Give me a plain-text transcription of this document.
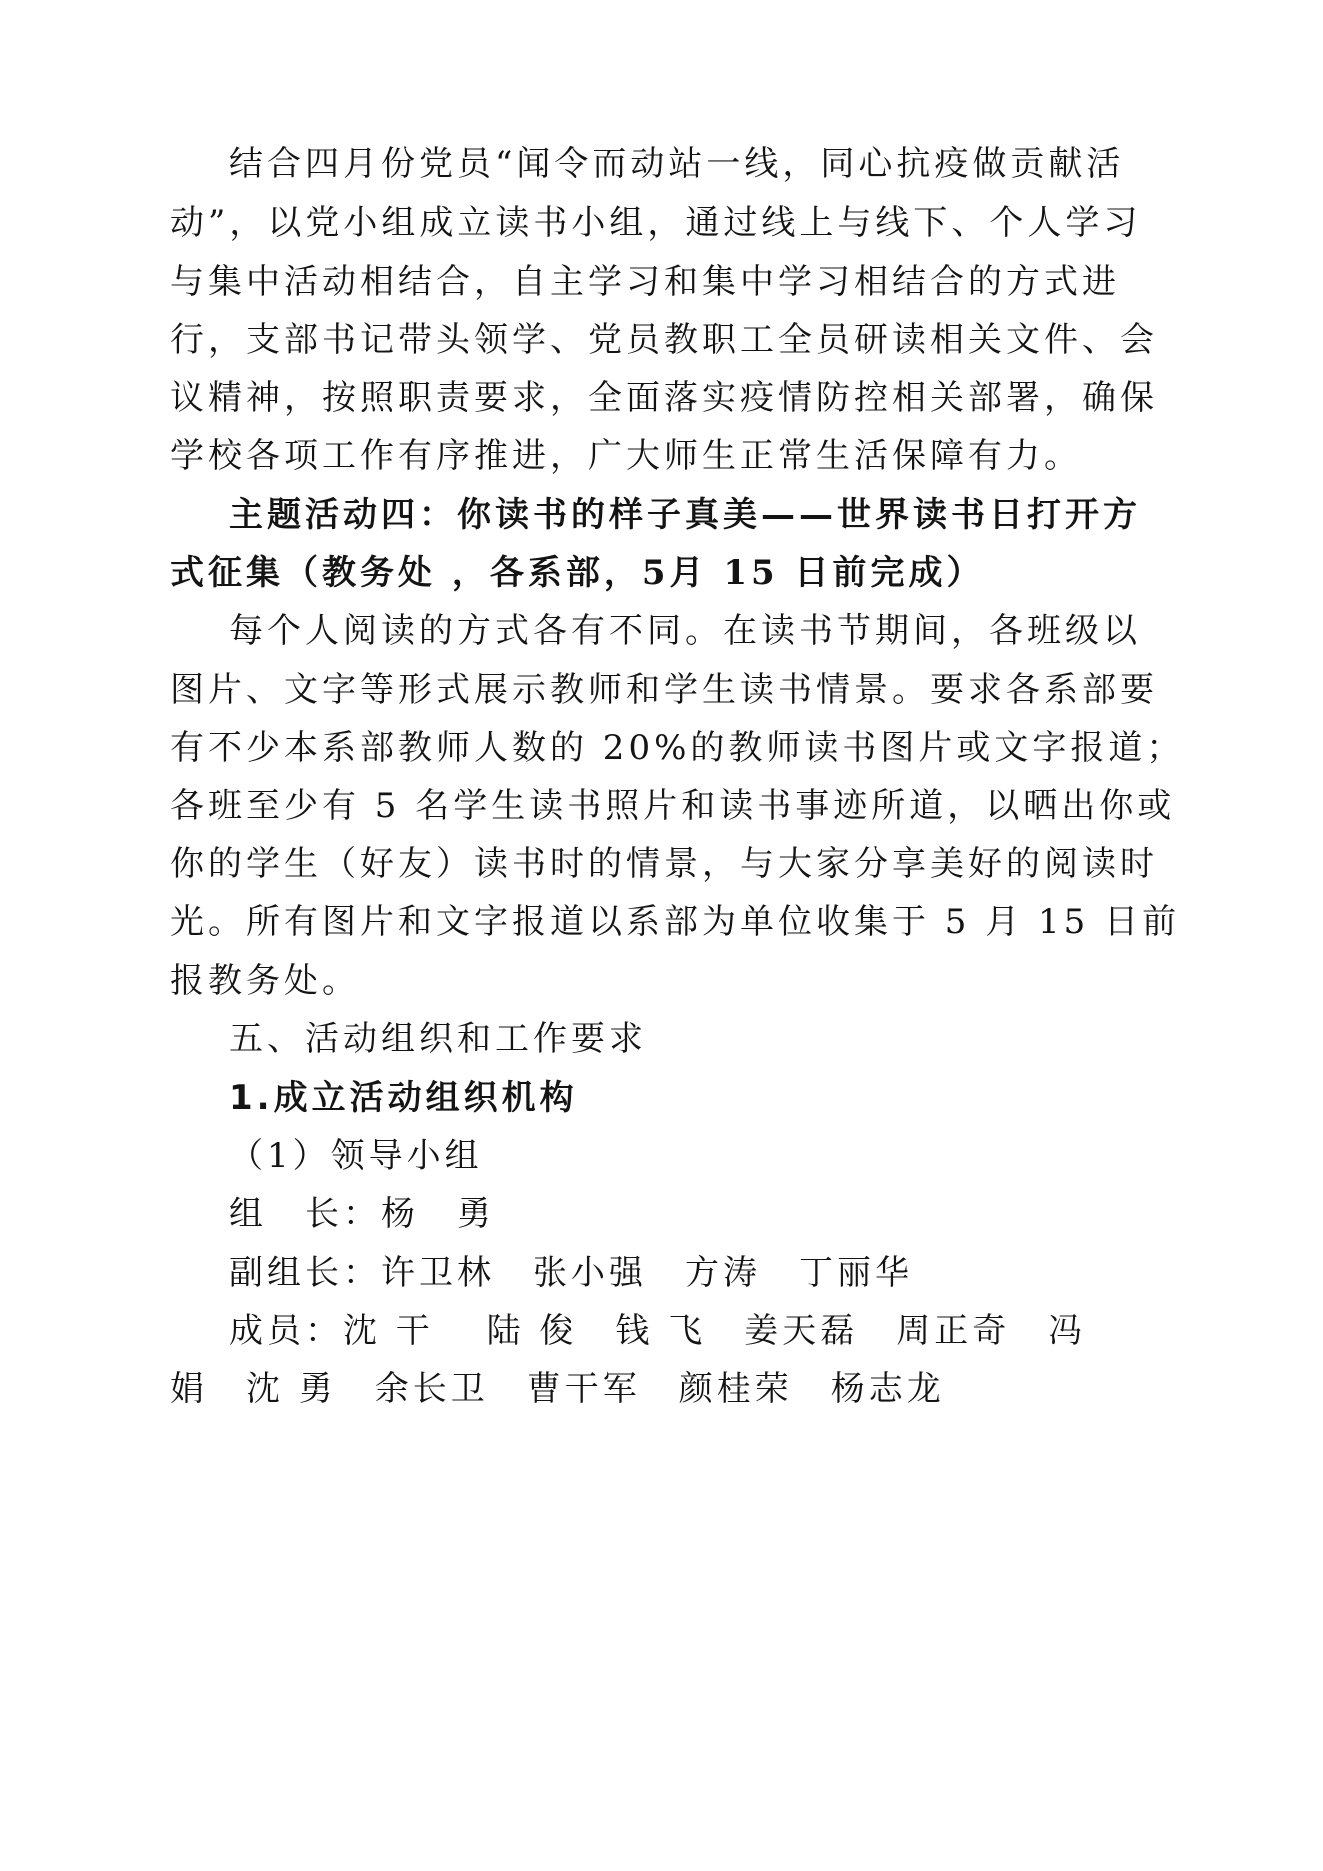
结合四月份党员“闻令而动站一线，同心抗疫做贡献活
动”，以党小组成立读书小组，通过线上与线下、个人学习
与集中活动相结合，自主学习和集中学习相结合的方式进
行，支部书记带头领学、党员教职工全员研读相关文件、会
议精神，按照职责要求，全面落实疫情防控相关部署，确保
学校各项工作有序推进，广大师生正常生活保障有力。
主题活动四：你读书的样子真美——世界读书日打开方
式征集（教务处 ，各系部，5月 15 日前完成）
每个人阅读的方式各有不同。在读书节期间，各班级以
图片、文字等形式展示教师和学生读书情景。要求各系部要
有不少本系部教师人数的 20%的教师读书图片或文字报道；
各班至少有 5 名学生读书照片和读书事迹所道，以晒出你或
你的学生（好友）读书时的情景，与大家分享美好的阅读时
光。所有图片和文字报道以系部为单位收集于 5 月 15 日前
报教务处。
五、活动组织和工作要求
1.成立活动组织机构
（1）领导小组
组　长：杨　勇
副组长：许卫林　张小强　方涛　丁丽华
成员：沈 干　 陆 俊　钱 飞　姜天磊　周正奇　冯
娟　沈 勇　余长卫　曹干军　颜桂荣　杨志龙
